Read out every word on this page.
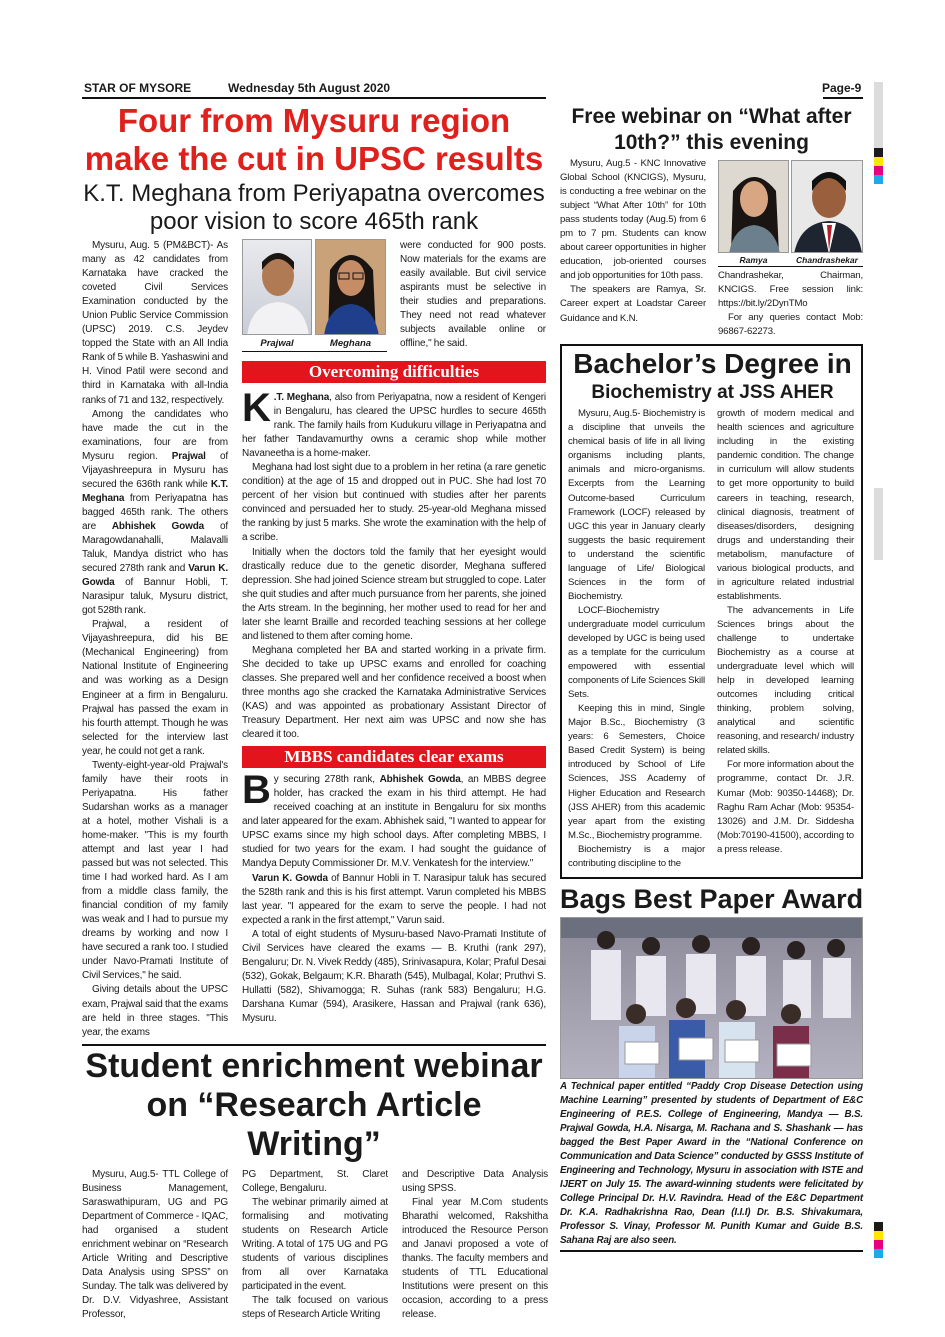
STAR OF MYSORE	Wednesday 5th August 2020	Page-9
Four from Mysuru region make the cut in UPSC results
K.T. Meghana from Periyapatna overcomes poor vision to score 465th rank

Mysuru, Aug. 5 (PM&BCT)- As many as 42 candidates from Karnataka have cracked the coveted Civil Services Examination conducted by the Union Public Service Commission (UPSC) 2019. C.S. Jeydev topped the State with an All India Rank of 5 while B. Yashaswini and H. Vinod Patil were second and third in Karnataka with all-India ranks of 71 and 132, respectively.

Among the candidates who have made the cut in the examinations, four are from Mysuru region. Prajwal of Vijayashreepura in Mysuru has secured the 636th rank while K.T. Meghana from Periyapatna has bagged 465th rank. The others are Abhishek Gowda of Maragowdanahalli, Malavalli Taluk, Mandya district who has secured 278th rank and Varun K. Gowda of Bannur Hobli, T. Narasipur taluk, Mysuru district, got 528th rank.

Prajwal, a resident of Vijayashreepura, did his BE (Mechanical Engineering) from National Institute of Engineering and was working as a Design Engineer at a firm in Bengaluru. Prajwal has passed the exam in his fourth attempt. Though he was selected for the interview last year, he could not get a rank.

Twenty-eight-year-old Prajwal's family have their roots in Periyapatna. His father Sudarshan works as a manager at a hotel, mother Vishali is a home-maker. "This is my fourth attempt and last year I had passed but was not selected. This time I had worked hard. As I am from a middle class family, the financial condition of my family was weak and I had to pursue my dreams by working and now I have secured a rank too. I studied under Navo-Pramati Institute of Civil Services," he said.

Giving details about the UPSC exam, Prajwal said that the exams are held in three stages. "This year, the exams

Prajwal	Meghana

were conducted for 900 posts. Now materials for the exams are easily available. But civil service aspirants must be selective in their studies and preparations. They need not read whatever subjects available online or offline," he said.

Overcoming difficulties
K .T. Meghana, also from Periyapatna, now a resident of Kengeri in Bengaluru, has cleared the UPSC hurdles to secure 465th rank. The family hails from Kudukuru village in Periyapatna and her father Tandavamurthy owns a ceramic shop while mother Navaneetha is a home-maker.

Meghana had lost sight due to a problem in her retina (a rare genetic condition) at the age of 15 and dropped out in PUC. She had lost 70 percent of her vision but continued with studies after her parents convinced and persuaded her to study. 25-year-old Meghana missed the ranking by just 5 marks. She wrote the examination with the help of a scribe.

Initially when the doctors told the family that her eyesight would drastically reduce due to the genetic disorder, Meghana suffered depression. She had joined Science stream but struggled to cope. Later she quit studies and after much pursuance from her parents, she joined the Arts stream. In the beginning, her mother used to read for her and later she learnt Braille and recorded teaching sessions at her college and listened to them after coming home.

Meghana completed her BA and started working in a private firm. She decided to take up UPSC exams and enrolled for coaching classes. She prepared well and her confidence received a boost when three months ago she cracked the Karnataka Administrative Services (KAS) and was appointed as probationary Assistant Director of Treasury Department. Her next aim was UPSC and now she has cleared it too.

MBBS candidates clear exams
B y securing 278th rank, Abhishek Gowda, an MBBS degree holder, has cracked the exam in his third attempt. He had received coaching at an institute in Bengaluru for six months and later appeared for the exam. Abhishek said, "I wanted to appear for UPSC exams since my high school days. After completing MBBS, I studied for two years for the exam. I had sought the guidance of Mandya Deputy Commissioner Dr. M.V. Venkatesh for the interview."

Varun K. Gowda of Bannur Hobli in T. Narasipur taluk has secured the 528th rank and this is his first attempt. Varun completed his MBBS last year. "I appeared for the exam to serve the people. I had not expected a rank in the first attempt," Varun said.

A total of eight students of Mysuru-based Navo-Pramati Institute of Civil Services have cleared the exams — B. Kruthi (rank 297), Bengaluru; Dr. N. Vivek Reddy (485), Srinivasapura, Kolar; Praful Desai (532), Gokak, Belgaum; K.R. Bharath (545), Mulbagal, Kolar; Pruthvi S. Hullatti (582), Shivamogga; R. Suhas (rank 583) Bengaluru; H.G. Darshana Kumar (594), Arasikere, Hassan and Prajwal (rank 636), Mysuru.

Student enrichment webinar on “Research Article Writing”

Mysuru, Aug.5- TTL College of Business Management, Saraswathipuram, UG and PG Department of Commerce - IQAC, had organised a student enrichment webinar on “Research Article Writing and Descriptive Data Analysis using SPSS” on Sunday. The talk was delivered by Dr. D.V. Vidyashree, Assistant Professor,

PG Department, St. Claret College, Bengaluru.

The webinar primarily aimed at formalising and motivating students on Research Article Writing. A total of 175 UG and PG students of various disciplines from all over Karnataka participated in the event.

The talk focused on various steps of Research Article Writing

and Descriptive Data Analysis using SPSS.

Final year M.Com students Bharathi welcomed, Rakshitha introduced the Resource Person and Janavi proposed a vote of thanks. The faculty members and students of TTL Educational Institutions were present on this occasion, according to a press release.

Free webinar on “What after 10th?” this evening

Mysuru, Aug.5 - KNC Innovative Global School (KNCIGS), Mysuru, is conducting a free webinar on the subject “What After 10th” for 10th pass students today (Aug.5) from 6 pm to 7 pm. Students can know about career opportunities in higher education, job-oriented courses and job opportunities for 10th pass.

The speakers are Ramya, Sr. Career expert at Loadstar Career Guidance and K.N.

Ramya	Chandrashekar

Chandrashekar, Chairman, KNCIGS. Free session link: https://bit.ly/2DynTMo

For any queries contact Mob: 96867-62273.

Bachelor’s Degree in
Biochemistry at JSS AHER

Mysuru, Aug.5- Biochemistry is a discipline that unveils the chemical basis of life in all living organisms including plants, animals and micro-organisms. Excerpts from the Learning Outcome-based Curriculum Framework (LOCF) released by UGC this year in January clearly suggests the basic requirement to understand the scientific language of Life/ Biological Sciences in the form of Biochemistry.

LOCF-Biochemistry undergraduate model curriculum developed by UGC is being used as a template for the curriculum empowered with essential components of Life Sciences Skill Sets.

Keeping this in mind, Single Major B.Sc., Biochemistry (3 years: 6 Semesters, Choice Based Credit System) is being introduced by School of Life Sciences, JSS Academy of Higher Education and Research (JSS AHER) from this academic year apart from the existing M.Sc., Biochemistry programme.

Biochemistry is a major contributing discipline to the

growth of modern medical and health sciences and agriculture including in the existing pandemic condition. The change in curriculum will allow students to get more opportunity to build careers in teaching, research, clinical diagnosis, treatment of diseases/disorders, designing drugs and understanding their metabolism, manufacture of various biological products, and in agriculture related industrial establishments.

The advancements in Life Sciences brings about the challenge to undertake Biochemistry as a course at undergraduate level which will help in developed learning outcomes including critical thinking, problem solving, analytical and scientific reasoning, and research/ industry related skills.

For more information about the programme, contact Dr. J.R. Kumar (Mob: 90350-14468); Dr. Raghu Ram Achar (Mob: 95354-13026) and J.M. Dr. Siddesha (Mob:70190-41500), according to a press release.

Bags Best Paper Award
A Technical paper entitled “Paddy Crop Disease Detection using Machine Learning” presented by students of Department of E&C Engineering of P.E.S. College of Engineering, Mandya — B.S. Prajwal Gowda, H.A. Nisarga, M. Rachana and S. Shashank — has bagged the Best Paper Award in the “National Conference on Communication and Data Science” conducted by GSSS Institute of Engineering and Technology, Mysuru in association with ISTE and IJERT on July 15. The award-winning students were felicitated by College Principal Dr. H.V. Ravindra. Head of the E&C Department Dr. K.A. Radhakrishna Rao, Dean (I.I.I) Dr. B.S. Shivakumara, Professor S. Vinay, Professor M. Punith Kumar and Guide B.S. Sahana Raj are also seen.
